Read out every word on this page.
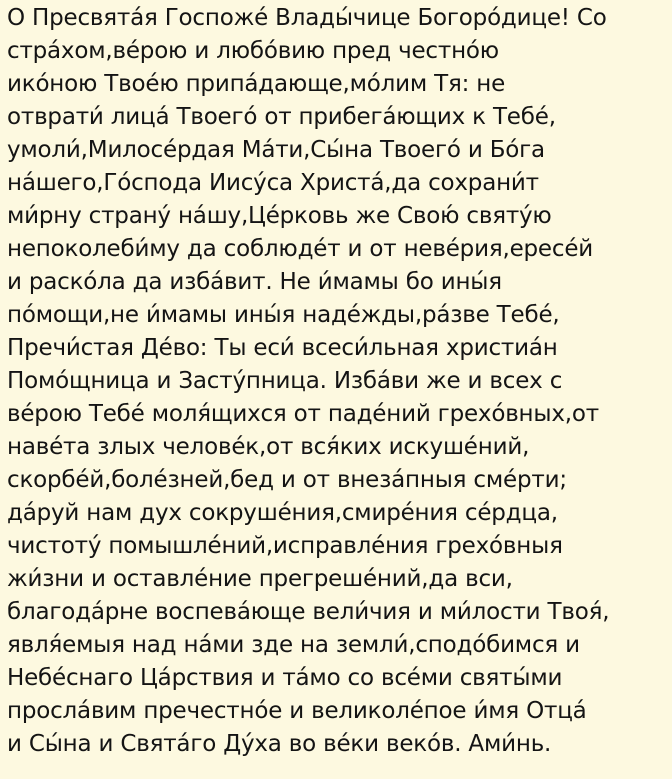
О Пресвята́я Госпоже́ Влады́чице Богоро́дице! Со
стра́хом,ве́рою и любо́вию пред честно́ю
ико́ною Твое́ю припа́дающе,мо́лим Тя: не
отврати́ лица́ Твоего́ от прибега́ющих к Тебе́,
умоли́,Милосе́рдая Ма́ти,Сы́на Твоего́ и Бо́га
на́шего,Го́спода Иису́са Христа́,да сохрани́т
ми́рну страну́ на́шу,Це́рковь же Свою́ святу́ю
непоколеби́му да соблюде́т и от неве́рия,ересе́й
и раско́ла да изба́вит. Не и́мамы бо ины́я
по́мощи,не и́мамы ины́я наде́жды,ра́зве Тебе́,
Пречи́стая Де́во: Ты еси́ всеси́льная христиа́н
Помо́щница и Засту́пница. Изба́ви же и всех с
ве́рою Тебе́ моля́щихся от паде́ний грехо́вных,от
наве́та злых челове́к,от вся́ких искуше́ний,
скорбе́й,боле́зней,бед и от внеза́пныя сме́рти;
да́руй нам дух сокруше́ния,смире́ния се́рдца,
чистоту́ помышле́ний,исправле́ния грехо́вныя
жи́зни и оставле́ние прегреше́ний,да вси,
благода́рне воспева́юще вели́чия и ми́лости Твоя́,
явля́емыя над на́ми зде на земли́,сподо́бимся и
Небе́снаго Ца́рствия и та́мо со все́ми святы́ми
просла́вим пречестно́е и великоле́пое и́мя Отца́
и Сы́на и Свята́го Ду́ха во ве́ки веко́в. Ами́нь.
